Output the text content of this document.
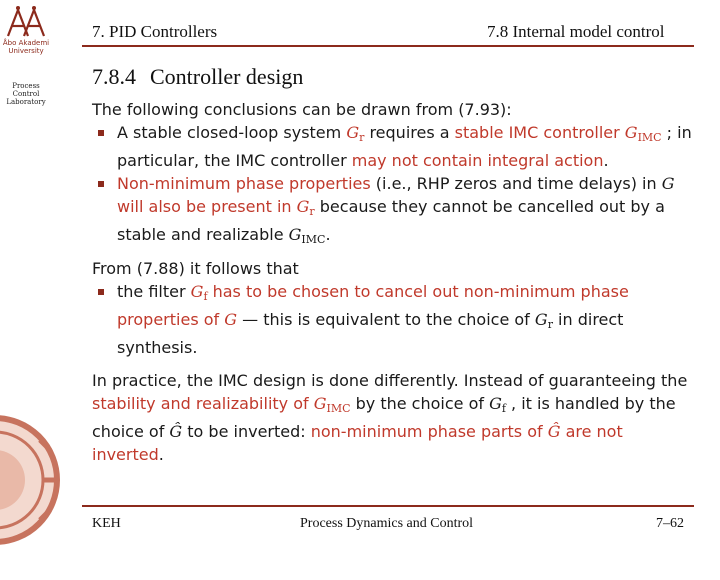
Åbo Akademi
University
Process
Control
Laboratory
7. PID Controllers	7.8 Internal model control
7.8.4 Controller design

The following conclusions can be drawn from (7.93):

A stable closed-loop system $G_r$ requires a stable IMC controller $G_{IMC}$ ; in particular, the IMC controller may not contain integral action.
Non-minimum phase properties (i.e., RHP zeros and time delays) in G
will also be present in $G_r$ because they cannot be cancelled out by a stable and realizable $G_{IMC}$.

From (7.88) it follows that

the filter $G_f$ has to be chosen to cancel out non-minimum phase properties of G — this is equivalent to the choice of $G_r$ in direct synthesis.

In practice, the IMC design is done differently. Instead of guaranteeing the stability and realizability of $G_{IMC}$ by the choice of $G_f$ , it is handled by the choice of Ĝ to be inverted: non-minimum phase parts of Ĝ are not inverted.

KEH	Process Dynamics and Control	7–62
